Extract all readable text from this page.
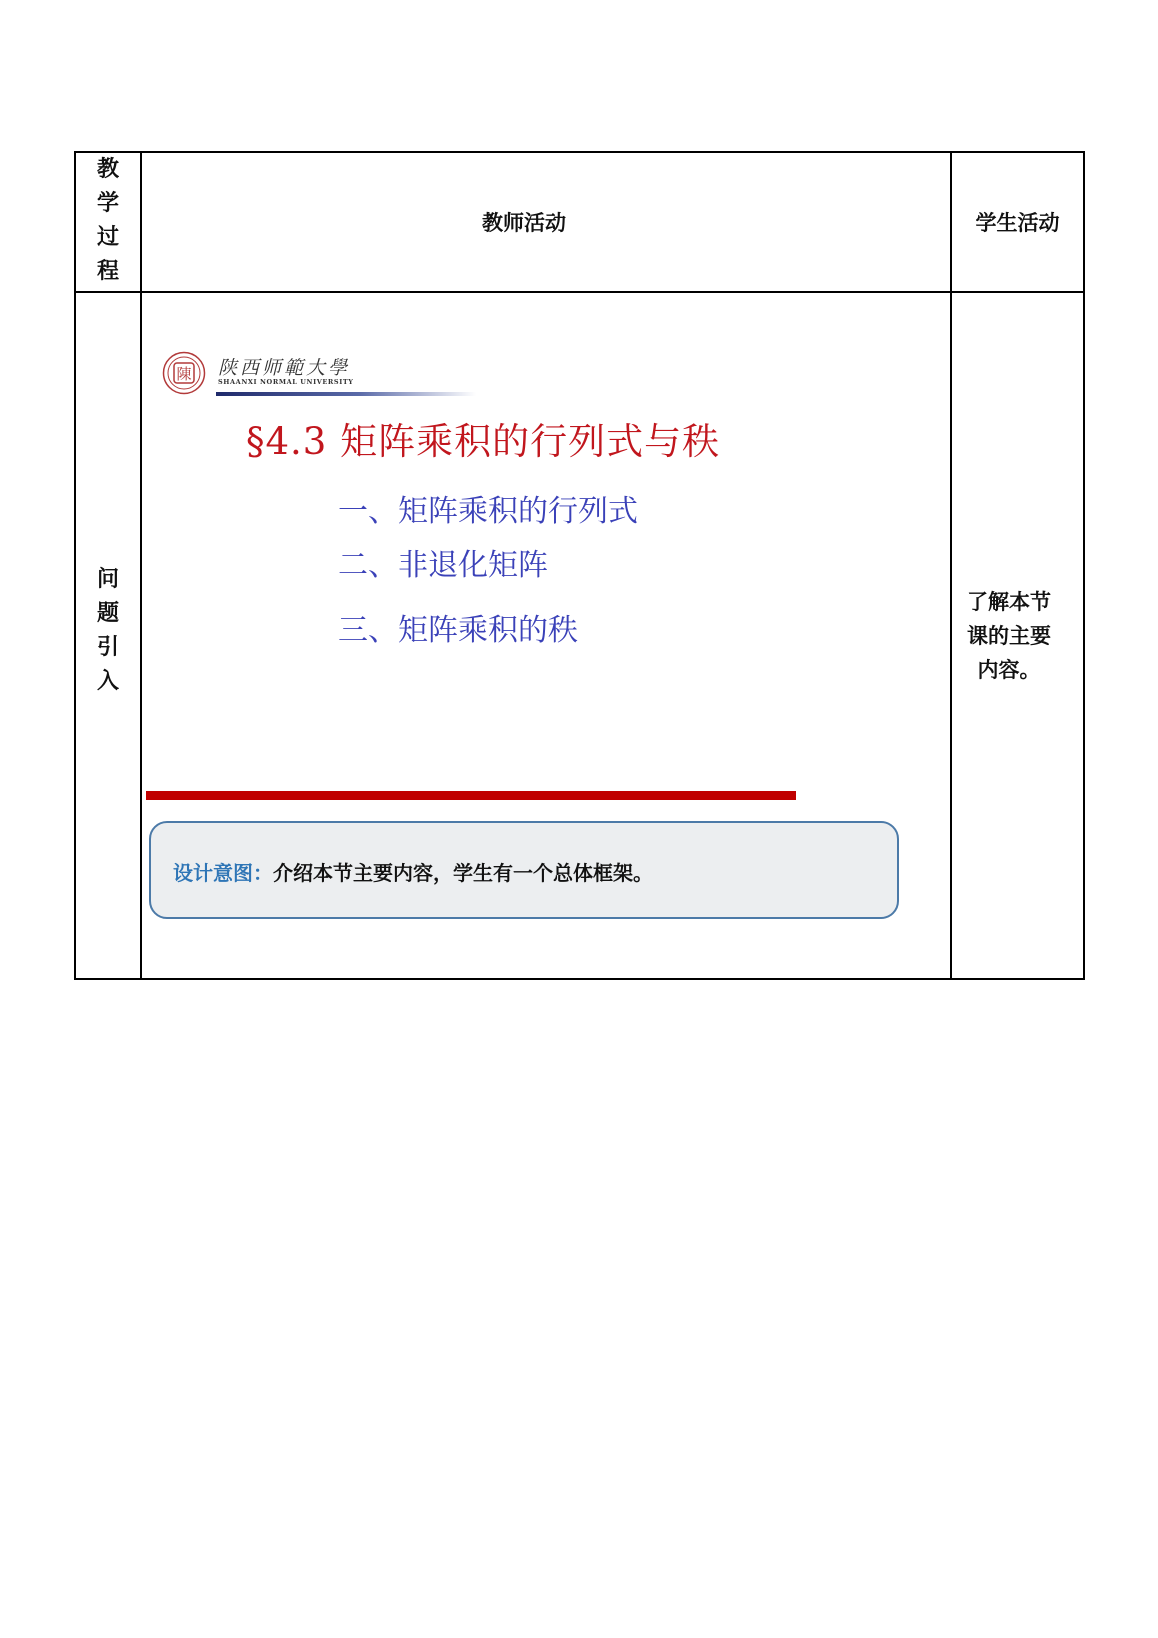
教
学
过
程
教师活动	学生活动
问
题
引
入
了解本节
课的主要
内容。
陳 陕西师範大學
SHAANXI NORMAL UNIVERSITY
§4.3 矩阵乘积的行列式与秩
一、矩阵乘积的行列式
二、非退化矩阵
三、矩阵乘积的秩
设计意图：介绍本节主要内容，学生有一个总体框架。
